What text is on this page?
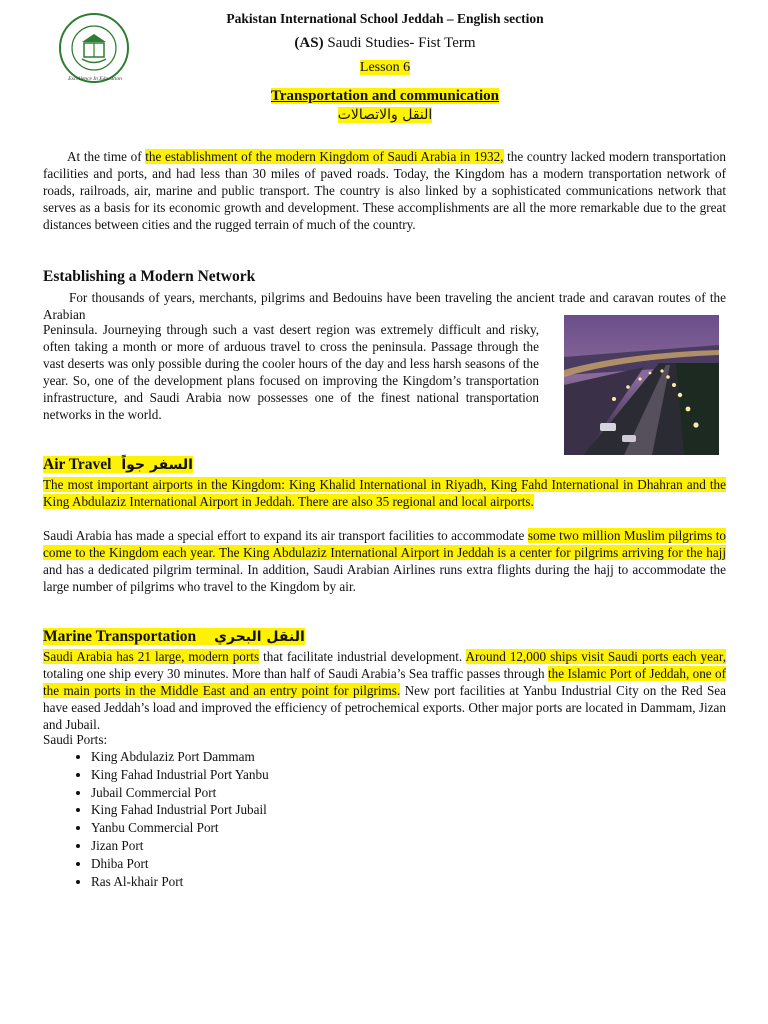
Excellence In Education
Pakistan International School Jeddah – English section
(AS) Saudi Studies- Fist Term
Lesson 6
Transportation and communication
النقل والاتصالات

At the time of the establishment of the modern Kingdom of Saudi Arabia in 1932, the country lacked modern transportation facilities and ports, and had less than 30 miles of paved roads. Today, the Kingdom has a modern transportation network of roads, railroads, air, marine and public transport. The country is also linked by a sophisticated communications network that serves as a basis for its economic growth and development. These accomplishments are all the more remarkable due to the great distances between cities and the rugged terrain of much of the country.

Establishing a Modern Network

For thousands of years, merchants, pilgrims and Bedouins have been traveling the ancient trade and caravan routes of the Arabian

Peninsula. Journeying through such a vast desert region was extremely difficult and risky, often taking a month or more of arduous travel to cross the peninsula. Passage through the vast deserts was only possible during the cooler hours of the day and less harsh seasons of the year. So, one of the development plans focused on improving the Kingdom’s transportation infrastructure, and Saudi Arabia now possesses one of the finest national transportation networks in the world.

Air Travel السفر جواً

The most important airports in the Kingdom: King Khalid International in Riyadh, King Fahd International in Dhahran and the King Abdulaziz International Airport in Jeddah. There are also 35 regional and local airports.

Saudi Arabia has made a special effort to expand its air transport facilities to accommodate some two million Muslim pilgrims to come to the Kingdom each year. The King Abdulaziz International Airport in Jeddah is a center for pilgrims arriving for the hajj and has a dedicated pilgrim terminal. In addition, Saudi Arabian Airlines runs extra flights during the hajj to accommodate the large number of pilgrims who travel to the Kingdom by air.

Marine Transportation النقل البحري

Saudi Arabia has 21 large, modern ports that facilitate industrial development. Around 12,000 ships visit Saudi ports each year, totaling one ship every 30 minutes. More than half of Saudi Arabia’s Sea traffic passes through the Islamic Port of Jeddah, one of the main ports in the Middle East and an entry point for pilgrims. New port facilities at Yanbu Industrial City on the Red Sea have eased Jeddah’s load and improved the efficiency of petrochemical exports. Other major ports are located in Dammam, Jizan and Jubail.

Saudi Ports:

• King Abdulaziz Port Dammam
• King Fahad Industrial Port Yanbu
• Jubail Commercial Port
• King Fahad Industrial Port Jubail
• Yanbu Commercial Port
• Jizan Port
• Dhiba Port
• Ras Al-khair Port
